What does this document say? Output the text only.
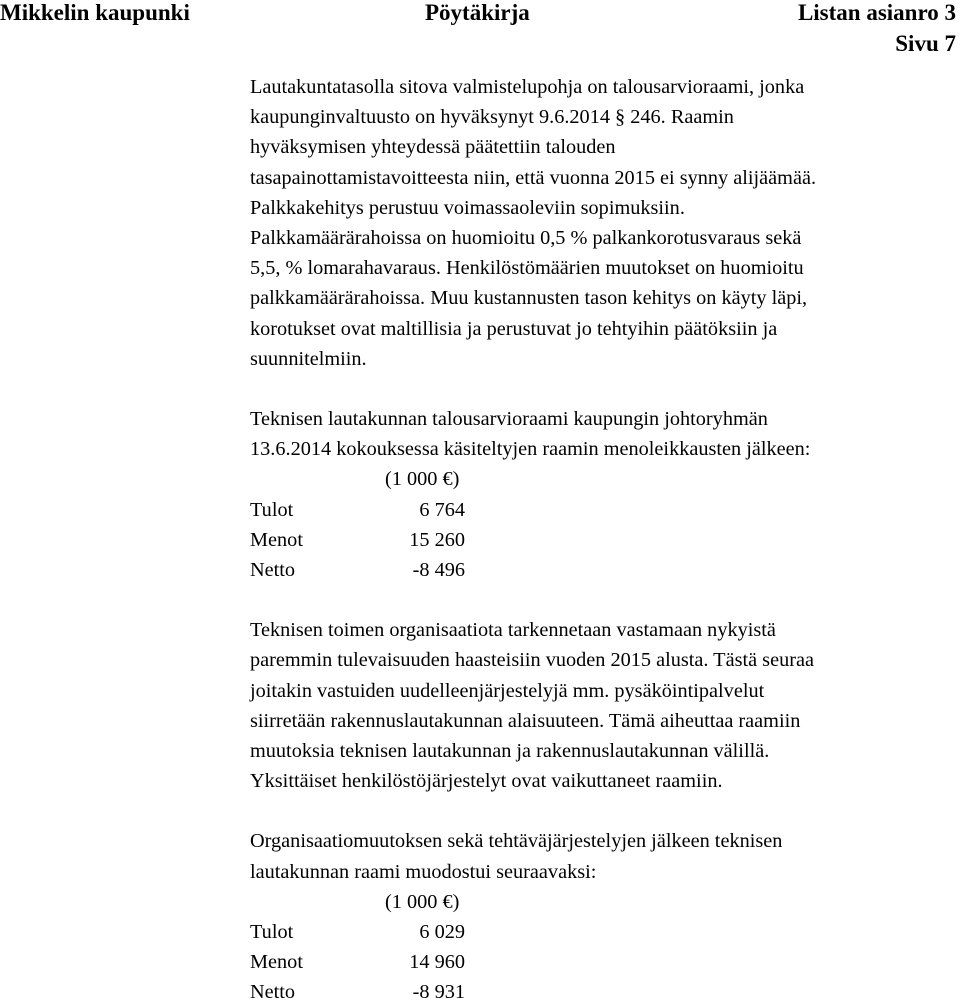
Mikkelin kaupunki	Pöytäkirja	Listan asianro 3
Sivu 7

Lautakuntatasolla sitova valmistelupohja on talousarvioraami, jonka
kaupunginvaltuusto on hyväksynyt 9.6.2014 § 246. Raamin
hyväksymisen yhteydessä päätettiin talouden
tasapainottamistavoitteesta niin, että vuonna 2015 ei synny alijäämää.
Palkkakehitys perustuu voimassaoleviin sopimuksiin.
Palkkamäärärahoissa on huomioitu 0,5 % palkankorotusvaraus sekä
5,5, % lomarahavaraus. Henkilöstömäärien muutokset on huomioitu
palkkamäärärahoissa. Muu kustannusten tason kehitys on käyty läpi,
korotukset ovat maltillisia ja perustuvat jo tehtyihin päätöksiin ja
suunnitelmiin.

Teknisen lautakunnan talousarvioraami kaupungin johtoryhmän
13.6.2014 kokouksessa käsiteltyjen raamin menoleikkausten jälkeen:

(1 000 €)
Tulot	6 764
Menot	15 260
Netto	-8 496

Teknisen toimen organisaatiota tarkennetaan vastamaan nykyistä
paremmin tulevaisuuden haasteisiin vuoden 2015 alusta. Tästä seuraa
joitakin vastuiden uudelleenjärjestelyjä mm. pysäköintipalvelut
siirretään rakennuslautakunnan alaisuuteen. Tämä aiheuttaa raamiin
muutoksia teknisen lautakunnan ja rakennuslautakunnan välillä.
Yksittäiset henkilöstöjärjestelyt ovat vaikuttaneet raamiin.

Organisaatiomuutoksen sekä tehtäväjärjestelyjen jälkeen teknisen
lautakunnan raami muodostui seuraavaksi:

(1 000 €)
Tulot	6 029
Menot	14 960
Netto	-8 931
